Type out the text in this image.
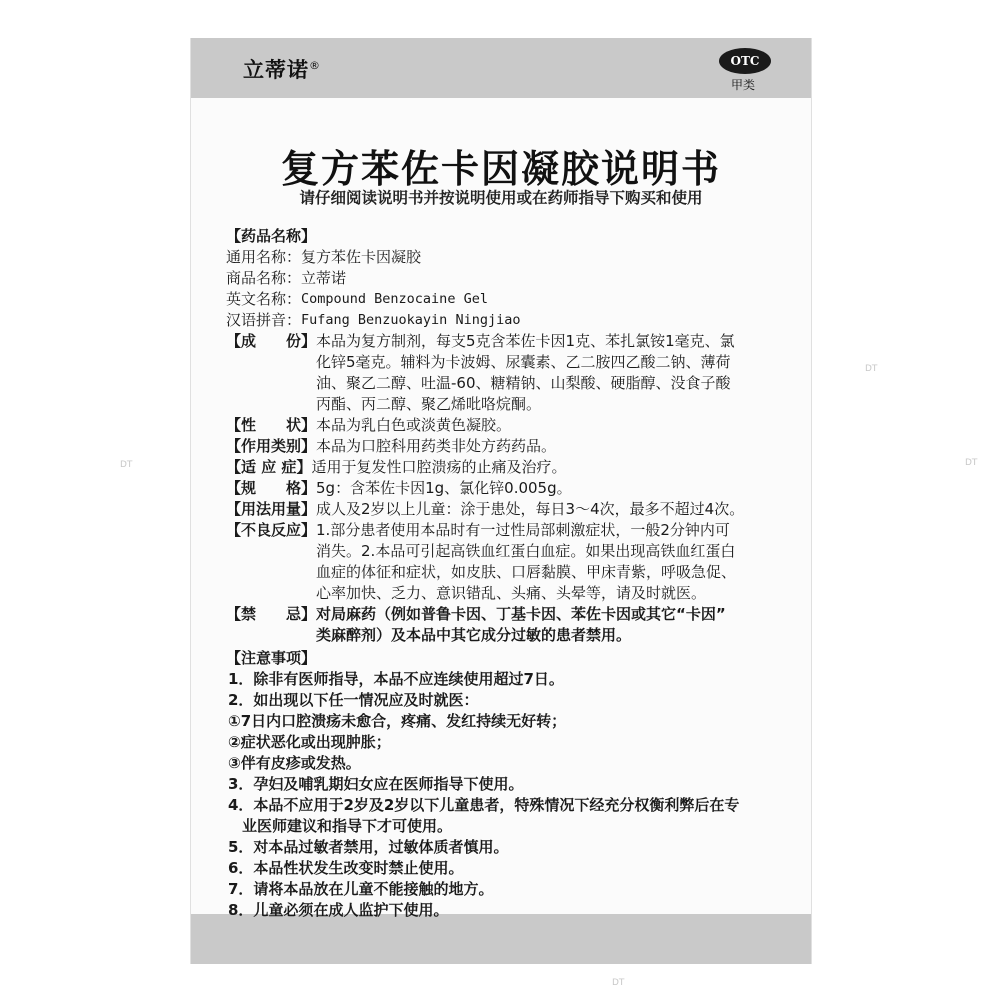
DT
DT	DT
DT
立蒂诺®	OTC
甲类
复方苯佐卡因凝胶说明书
请仔细阅读说明书并按说明使用或在药师指导下购买和使用
【药品名称】
通用名称： 复方苯佐卡因凝胶
商品名称： 立蒂诺
英文名称： Compound Benzocaine Gel
汉语拼音： Fufang Benzuokayin Ningjiao
【成　　份】 本品为复方制剂，每支5克含苯佐卡因1克、苯扎氯铵1毫克、氯
化锌5毫克。辅料为卡波姆、尿囊素、乙二胺四乙酸二钠、薄荷
油、聚乙二醇、吐温-60、糖精钠、山梨酸、硬脂醇、没食子酸
丙酯、丙二醇、聚乙烯吡咯烷酮。
【性　　状】 本品为乳白色或淡黄色凝胶。
【作用类别】 本品为口腔科用药类非处方药药品。
【适 应 症】 适用于复发性口腔溃疡的止痛及治疗。
【规　　格】 5g：含苯佐卡因1g、氯化锌0.005g。
【用法用量】 成人及2岁以上儿童：涂于患处，每日3～4次，最多不超过4次。
【不良反应】 1.部分患者使用本品时有一过性局部刺激症状，一般2分钟内可
消失。2.本品可引起高铁血红蛋白血症。如果出现高铁血红蛋白
血症的体征和症状，如皮肤、口唇黏膜、甲床青紫，呼吸急促、
心率加快、乏力、意识错乱、头痛、头晕等，请及时就医。
【禁　　忌】 对局麻药（例如普鲁卡因、丁基卡因、苯佐卡因或其它“卡因”
类麻醉剂）及本品中其它成分过敏的患者禁用。
【注意事项】
1．除非有医师指导，本品不应连续使用超过7日。
2．如出现以下任一情况应及时就医：
①7日内口腔溃疡未愈合，疼痛、发红持续无好转；
②症状恶化或出现肿胀；
③伴有皮疹或发热。
3．孕妇及哺乳期妇女应在医师指导下使用。
4．本品不应用于2岁及2岁以下儿童患者，特殊情况下经充分权衡利弊后在专
业医师建议和指导下才可使用。
5．对本品过敏者禁用，过敏体质者慎用。
6．本品性状发生改变时禁止使用。
7．请将本品放在儿童不能接触的地方。
8．儿童必须在成人监护下使用。
